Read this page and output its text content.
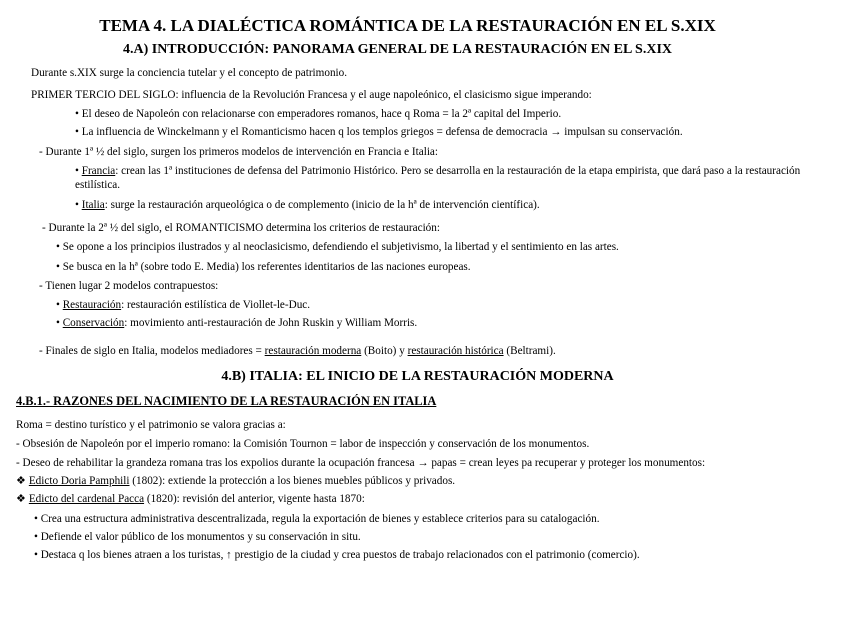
TEMA 4. LA DIALÉCTICA ROMÁNTICA DE LA RESTAURACIÓN EN EL S.XIX
4.A) INTRODUCCIÓN: PANORAMA GENERAL DE LA RESTAURACIÓN EN EL S.XIX
Durante s.XIX surge la conciencia tutelar y el concepto de patrimonio.
PRIMER TERCIO DEL SIGLO: influencia de la Revolución Francesa y el auge napoleónico, el clasicismo sigue imperando:
• El deseo de Napoleón con relacionarse con emperadores romanos, hace q Roma = la 2ª capital del Imperio.
• La influencia de Winckelmann y el Romanticismo hacen q los templos griegos = defensa de democracia → impulsan su conservación.
- Durante 1ª ½ del siglo, surgen los primeros modelos de intervención en Francia e Italia:
• Francia: crean las 1ª instituciones de defensa del Patrimonio Histórico. Pero se desarrolla en la restauración de la etapa empirista, que dará paso a la restauración estilística.
• Italia: surge la restauración arqueológica o de complemento (inicio de la hª de intervención científica).
- Durante la 2ª ½ del siglo, el ROMANTICISMO determina los criterios de restauración:
• Se opone a los principios ilustrados y al neoclasicismo, defendiendo el subjetivismo, la libertad y el sentimiento en las artes.
• Se busca en la hª (sobre todo E. Media) los referentes identitarios de las naciones europeas.
- Tienen lugar 2 modelos contrapuestos:
• Restauración: restauración estilística de Viollet-le-Duc.
• Conservación: movimiento anti-restauración de John Ruskin y William Morris.
- Finales de siglo en Italia, modelos mediadores = restauración moderna (Boito) y restauración histórica (Beltrami).
4.B) ITALIA: EL INICIO DE LA RESTAURACIÓN MODERNA
4.B.1.- RAZONES DEL NACIMIENTO DE LA RESTAURACIÓN EN ITALIA
Roma = destino turístico y el patrimonio se valora gracias a:
- Obsesión de Napoleón por el imperio romano: la Comisión Tournon = labor de inspección y conservación de los monumentos.
- Deseo de rehabilitar la grandeza romana tras los expolios durante la ocupación francesa → papas = crean leyes pa recuperar y proteger los monumentos:
❖ Edicto Doria Pamphili (1802): extiende la protección a los bienes muebles públicos y privados.
❖ Edicto del cardenal Pacca (1820): revisión del anterior, vigente hasta 1870:
• Crea una estructura administrativa descentralizada, regula la exportación de bienes y establece criterios para su catalogación.
• Defiende el valor público de los monumentos y su conservación in situ.
• Destaca q los bienes atraen a los turistas, ↑ prestigio de la ciudad y crea puestos de trabajo relacionados con el patrimonio (comercio).
